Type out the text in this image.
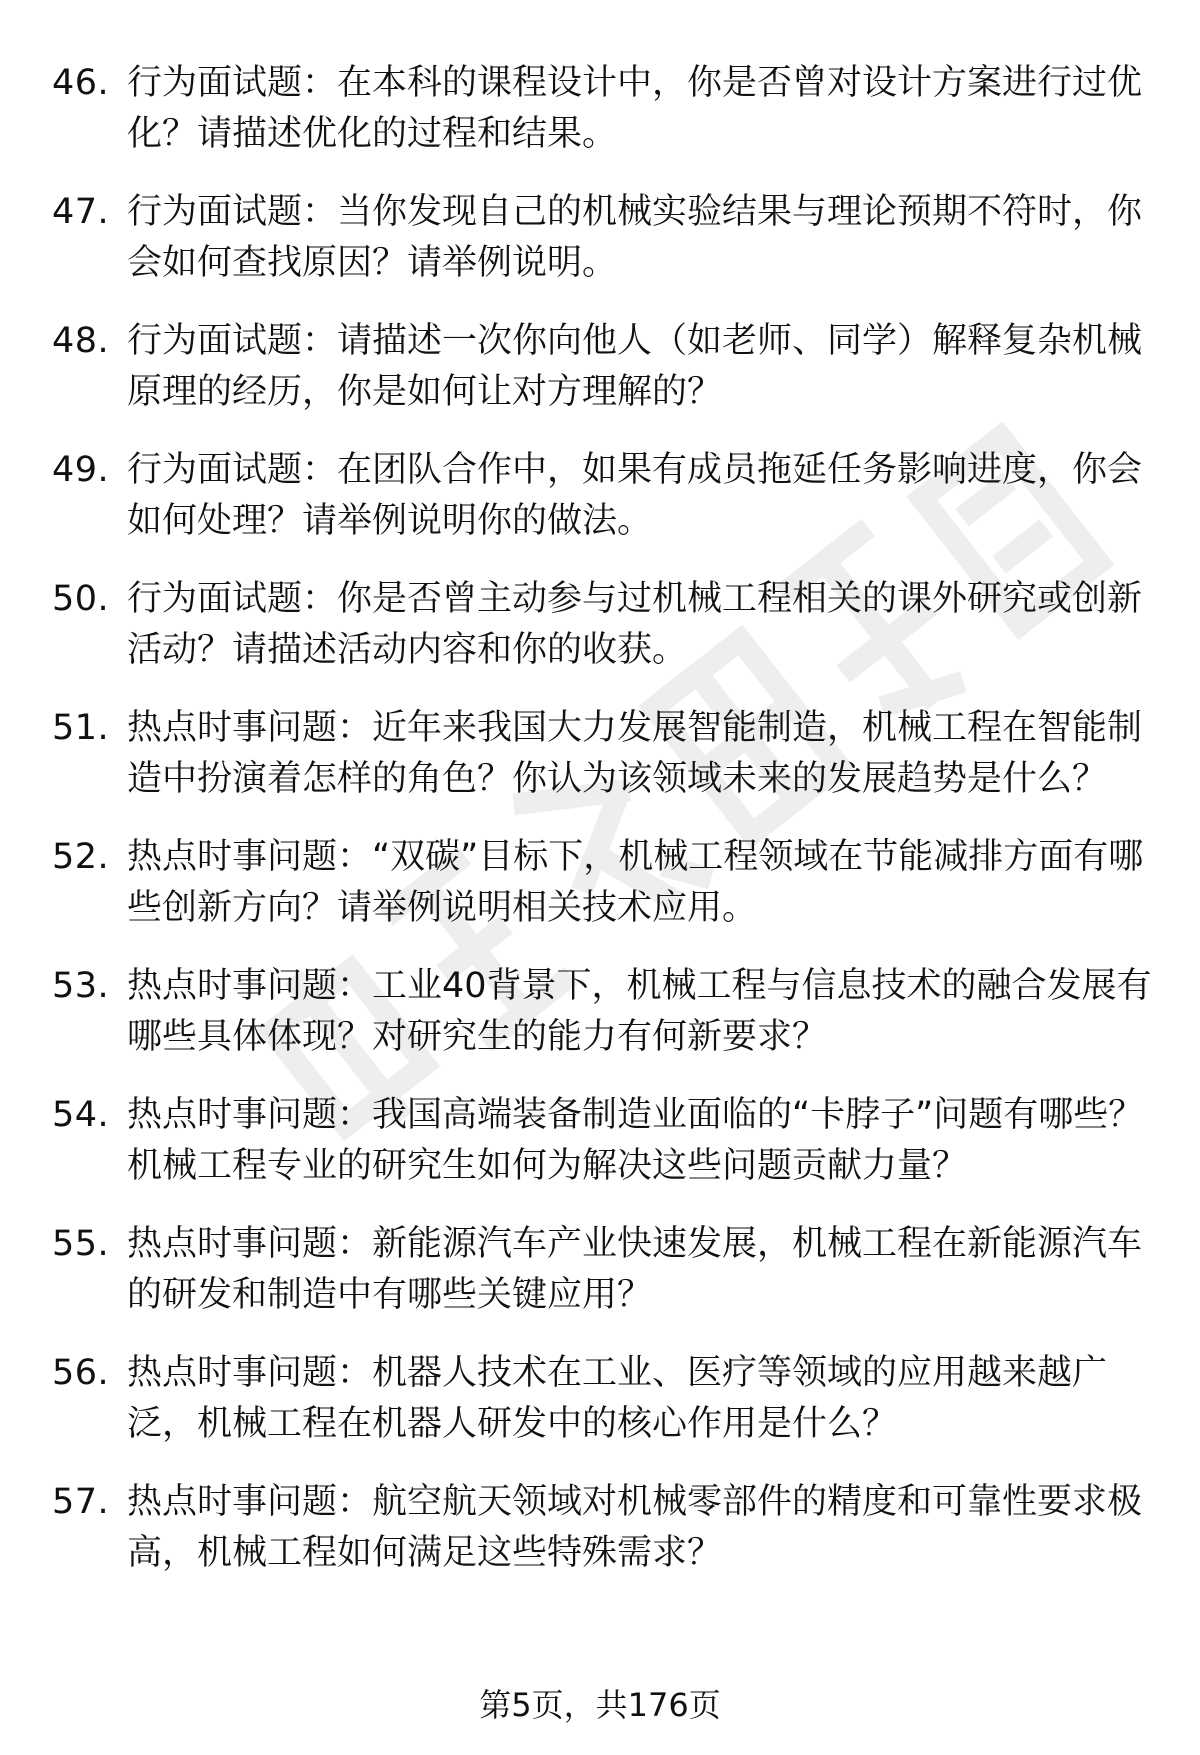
46. 行为面试题：在本科的课程设计中，你是否曾对设计方案进行过优化？请描述优化的过程和结果。
47. 行为面试题：当你发现自己的机械实验结果与理论预期不符时，你会如何查找原因？请举例说明。
48. 行为面试题：请描述一次你向他人（如老师、同学）解释复杂机械原理的经历，你是如何让对方理解的？
49. 行为面试题：在团队合作中，如果有成员拖延任务影响进度，你会如何处理？请举例说明你的做法。
50. 行为面试题：你是否曾主动参与过机械工程相关的课外研究或创新活动？请描述活动内容和你的收获。
51. 热点时事问题：近年来我国大力发展智能制造，机械工程在智能制造中扮演着怎样的角色？你认为该领域未来的发展趋势是什么？
52. 热点时事问题：“双碳”目标下，机械工程领域在节能减排方面有哪些创新方向？请举例说明相关技术应用。
53. 热点时事问题：工业40背景下，机械工程与信息技术的融合发展有哪些具体体现？对研究生的能力有何新要求？
54. 热点时事问题：我国高端装备制造业面临的“卡脖子”问题有哪些？机械工程专业的研究生如何为解决这些问题贡献力量？
55. 热点时事问题：新能源汽车产业快速发展，机械工程在新能源汽车的研发和制造中有哪些关键应用？
56. 热点时事问题：机器人技术在工业、医疗等领域的应用越来越广泛，机械工程在机器人研发中的核心作用是什么？
57. 热点时事问题：航空航天领域对机械零部件的精度和可靠性要求极高，机械工程如何满足这些特殊需求？
第5页，共176页
